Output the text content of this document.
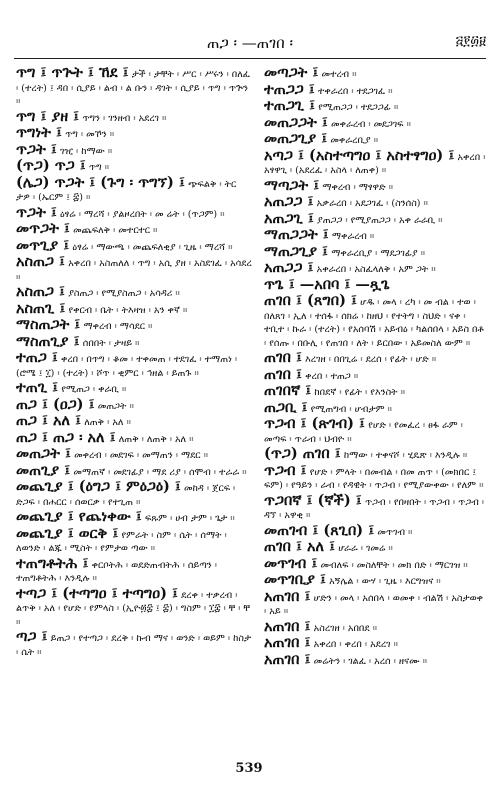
ጠጋ ፡ —ጠገበ ፡	፭፻፴፱
ጥግ ፤ ጥጕት ፤ ኸደ ፤ ታች ፡ ታቸት ፡ ሥር ፡ ሥሩን ፡ በለፈ ፡ (ተረት) ፤ ዳበ ፡ ሲያይ ፡ ልብ ፡ ል ቡን ፡ ዳገት ፡ ሲያይ ፡ ጥግ ፡ ጥጕን ።
ጥግ ፤ ያዘ ፤ ጥግን ፡ ገንዘብ ፡ አደረገ ።
ጥግነት ፤ ጥግ ፡ መኾን ።
ጥጋት ፤ ገዢ ፡ ከማው ።
(ጥጋ) ጥጋ ፤ ጥግ ።
(ሌጋ) ጥጋት ፤ (ጉግ ፡ ጥግኘ) ፤ ጭፍልቅ ፡ ትር ታዎ ፡ (ኤርም ፤ ፰) ።
ጥጋት ፤ ዕፃሬ ፡ ማረሻ ፡ ያልዞረበት ፡ መ ሬት ፡ (ጥጋም) ።
መጥጋት ፤ መጨፍለቅ ፡ መተርተር ።
መጥጊያ ፤ ዕፃሬ ፡ ማውጫ ፡ መጨፍለቂያ ፡ ጊዜ ፡ ማረሻ ።
አስጠጋ ፤ አቀረበ ፡ አስጠለለ ፡ ጥግ ፡ አሲ ያዘ ፡ አስደገፈ ፡ አሳደረ ።
አስጠጋ ፤ ያስጠጋ ፡ የሚያስጠጋ ፡ አሳዳሪ ።
አስጠጊ ፤ የቀርብ ፡ ቤት ፡ ትእዛዝ ፡ አን ቀኛ ።
ማስጠጋት ፤ ማቀረብ ፡ ማሳደር ።
ማስጠጊያ ፤ ሰበበት ፡ ታዛይ ።
ተጠጋ ፤ ቀረበ ፡ በጥግ ፡ ቆመ ፡ ተቀመጠ ፡ ተደገፈ ፡ ተማጠነ ፡ (ሮሜ ፤ ፲) ፡ (ተረት) ፡ ሾጥ ፡ ቂምር ፡ ኅዘል ፡ ይጠጉ ።
ተጠጊ ፤ የሚጠጋ ፡ ቀራቢ ።
ጠጋ ፤ (ዐጋ) ፤ መጠጋት ።
ጠጋ ፤ አለ ፤ ለጠቅ ፡ አለ ።
ጠጋ ፤ ጠጋ ፡ አለ ፤ ለጠቅ ፡ ለጠቅ ፡ አለ ።
መጠጋት ፤ መቀረብ ፡ መደገፍ ፡ መማጠን ፡ ማደር ።
መጠጊያ ፤ መማጠኛ ፡ መደገፊያ ፡ ማደ ሪያ ፡ ሰሞብ ፡ ተራራ ።
መጨጊያ ፤ (ዕግጋ ፤ ምዕጋዕ) ፤ መከዳ ፡ ጀርፍ ፡ ድጋፍ ፡ በሐርር ፡ ሰወርቃ ፡ የተጊጠ ።
መጨጊያ ፤ የጨነቀው ፤ ፍጹም ፡ ሀብ ታም ፡ ጌታ ።
መጨጊያ ፤ ወርቅ ፤ የምራት ፡ ስም ፡ ሴት ፡ ሰማት ፡ ለወንድ ፡ ልጁ ፡ ሚስት ፡ የምታወ ጣው ።
ተጠግቶትሕ ፤ ቀርቦትሕ ፡ ወደድጠብትሕ ፡ ሰይጣን ፡ ተጠግቶትሕ ፡ እንዲሉ ።
ተጣጋ ፤ (ተጣግዐ ፤ ተጣግዐ) ፤ ደረቀ ፡ ተቃረብ ፡ ልጥቅ ፡ አለ ፡ የሆድ ፡ የምላስ ፡ (ኢዮ፴፰ ፤ ፰) ፡ ግስም ፡ ፲፰ ፡ ቸ ፡ ቸ ።
ጣጋ ፤ ይጠጋ ፡ የተጣጋ ፡ ደረቅ ፡ ኩብ ማና ፡ ወንድ ፡ ወይም ፡ ከስታ ፡ ሴት ።
መጣጋት ፤ መተረብ ።
ተጠጋጋ ፤ ተቀራረበ ፡ ተደጋገፈ ።
ተጠጋጊ ፤ የሚጠጋጋ ፡ ተደጋጋፊ ።
መጠጋጋት ፤ መቀራረብ ፡ መደጋገፍ ።
መጠጋጊያ ፤ መቀራረቢያ ።
አጣጋ ፤ (አስተጣግዐ ፤ አስተፃግዐ) ፤ አቀረበ ፡ አፃዋጊ ፡ (አደረፈ ፡ አስላ ፡ ለጠቀ) ።
ማጣጋት ፤ ማቀረብ ፡ ማፃዋድ ።
አጠጋጋ ፤ አቃራረበ ፡ አደጋገፈ ፡ (ስንሰስ) ።
አጠጋጊ ፤ ያጠጋጋ ፡ የሚያጠጋጋ ፡ አቀ ራራቢ ።
ማጠጋጋት ፤ ማቀራረብ ።
ማጠጋጊያ ፤ ማቀራረቢያ ፡ ማደጋገፊያ ።
አጠጋጋ ፤ አቀራረበ ፡ አስፈላለቅ ፡ አም ጋት ።
ጥጌ ፤ —አበባ ፤ —ጿጌ
ጠገበ ፤ (ጸግበ) ፤ ሆዱ ፡ መላ ፡ ረካ ፡ መ ብል ፡ ተወ ፡ በለጸገ ፡ ኢለ ፡ ተሰፋ ፡ ሰክሬ ፡ ከዘህ ፡ የተትግ ፡ ስህድ ፡ ናቀ ፡ ተቢተ ፡ ኩራ ፡ (ተረት) ፡ የአሰባሽ ፡ አይብዕ ፡ ካልሰበላ ፡ አይስ በቶ ፡ የሰጡ ፡ በቡሊ ፡ የጠገበ ፡ ለት ፡ ይርበው ፡ አይመስለ ውም ።
ጠገበ ፤ እረገዘ ፡ በበጊሬ ፡ ደረሰ ፡ የፊት ፡ ሆድ ።
ጠገበ ፤ ቀረበ ፡ ተጠጋ ።
ጠገበኛ ፤ ከበደኛ ፡ የፊት ፡ የእንስት ።
ጠጋቢ ፤ የሚጠግብ ፡ ሆብታም ።
ጥጋብ ፤ (ጽገብ) ፤ የሆድ ፡ የመፈረ ፡ ፀፋ ራም ፡ መጣፍ ፡ ጥራብ ፡ ህብዮ ።
(ጥጋ) ጠገበ ፤ ከማው ፡ ተቀናሾ ፡ ሂዴጽ ፡ እንዲሉ ።
ጥጋብ ፤ የሆድ ፡ ምላት ፡ በመብል ፡ በመ ጠጥ ፡ (መክበር ፤ ፍም) ፡ የዓይን ፡ ራብ ፡ የዳዊት ፡ ጥጋብ ፡ የሚያውቀው ፡ የለም ።
ጥጋበኛ ፤ (ኛች) ፤ ጥጋብ ፡ የበዛበት ፡ ጥጋብ ፡ ጥጋብ ፡ ዳኘ ፡ አዋቂ ።
መጠገብ ፤ (ጸጊበ) ፤ መጥገብ ።
ጠገበ ፤ አለ ፤ ሆራራ ፡ ገመሬ ።
መጥገብ ፤ መብለፍ ፡ መስለቸት ፡ መክ በድ ፡ ማርገዝ ።
መጥገቢያ ፤ አኝሌል ፡ ውሃ ፡ ጊዜ ፡ እርግዝና ።
አጠገበ ፤ ሆድን ፡ መላ ፡ አሰበላ ፡ ወመቀ ፡ ብልሽ ፡ አስታወቀ ፡ አይ ።
አጠገበ ፤ አስረገዘ ፡ አበበደ ።
አጠገበ ፤ አቀረበ ፡ ቀረበ ፡ አደረገ ።
አጠገበ ፤ መሬትን ፡ ገልፈ ፡ አረሰ ፡ ዘናሙ ።
539
